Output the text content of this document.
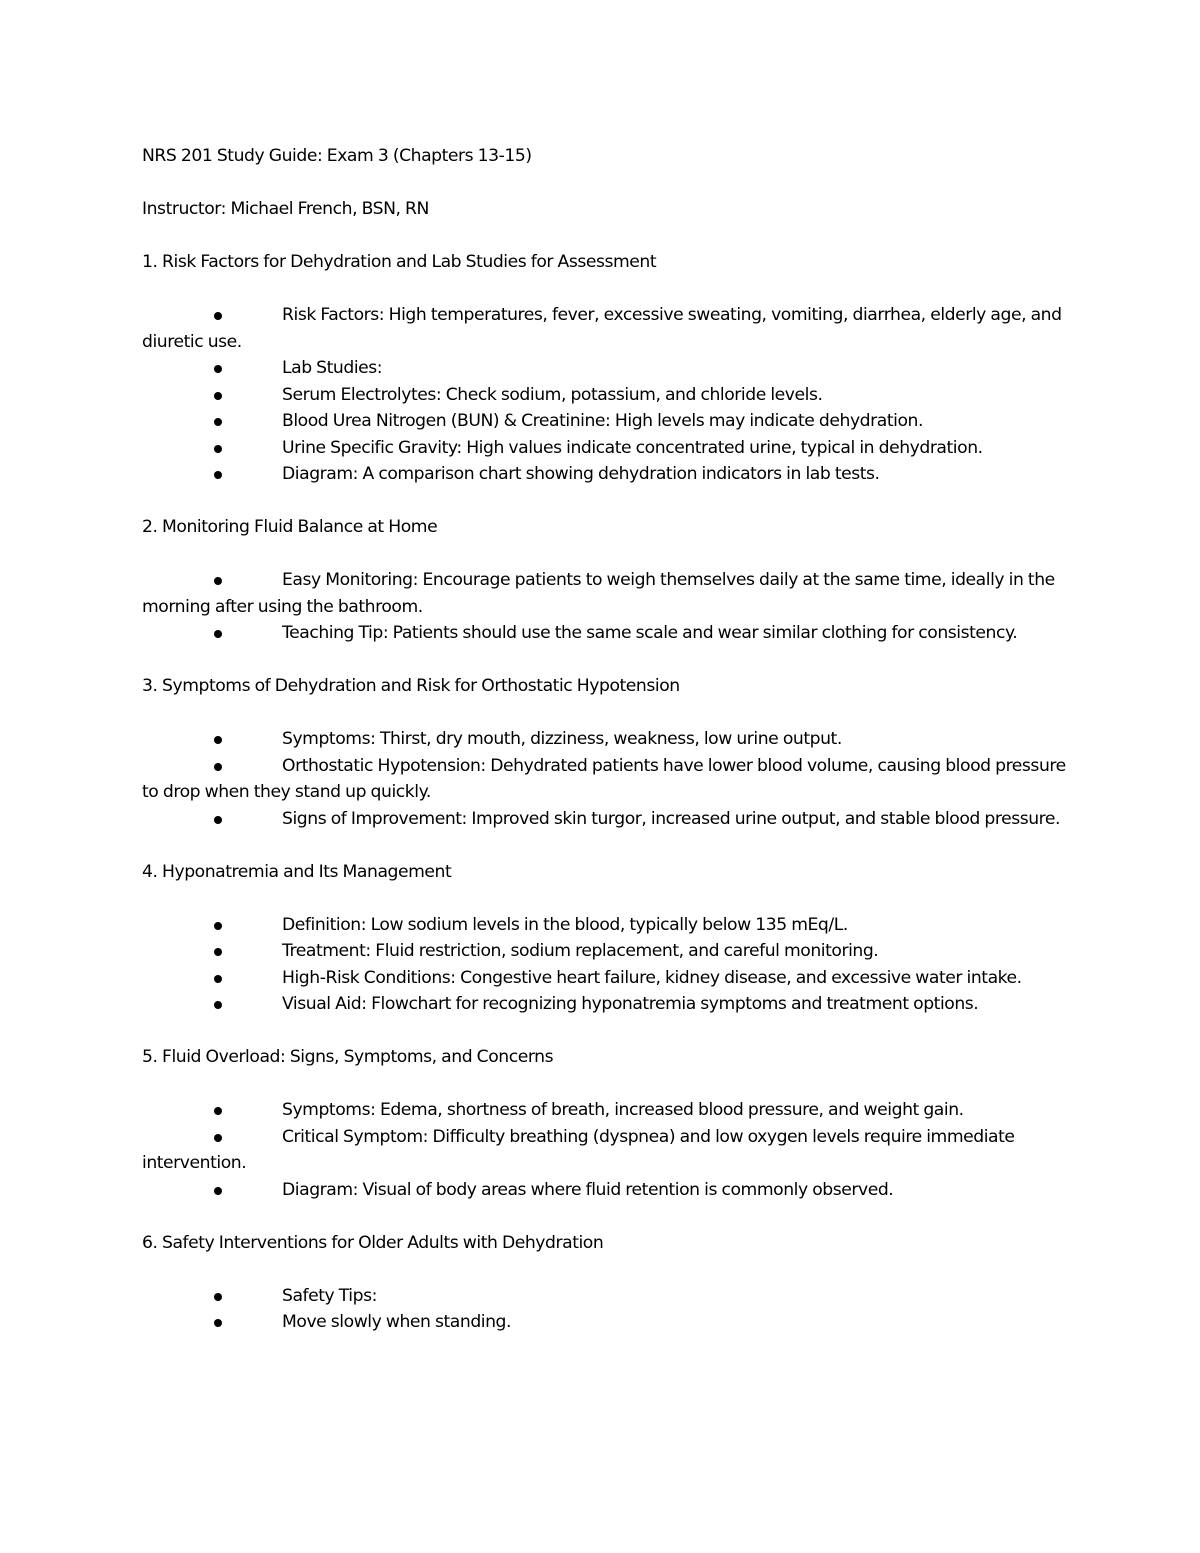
NRS 201 Study Guide: Exam 3 (Chapters 13-15)

Instructor: Michael French, BSN, RN

1. Risk Factors for Dehydration and Lab Studies for Assessment

Risk Factors: High temperatures, fever, excessive sweating, vomiting, diarrhea, elderly age, and diuretic use.

Lab Studies:

Serum Electrolytes: Check sodium, potassium, and chloride levels.

Blood Urea Nitrogen (BUN) & Creatinine: High levels may indicate dehydration.

Urine Specific Gravity: High values indicate concentrated urine, typical in dehydration.

Diagram: A comparison chart showing dehydration indicators in lab tests.

2. Monitoring Fluid Balance at Home

Easy Monitoring: Encourage patients to weigh themselves daily at the same time, ideally in the morning after using the bathroom.

Teaching Tip: Patients should use the same scale and wear similar clothing for consistency.

3. Symptoms of Dehydration and Risk for Orthostatic Hypotension

Symptoms: Thirst, dry mouth, dizziness, weakness, low urine output.

Orthostatic Hypotension: Dehydrated patients have lower blood volume, causing blood pressure to drop when they stand up quickly.

Signs of Improvement: Improved skin turgor, increased urine output, and stable blood pressure.

4. Hyponatremia and Its Management

Definition: Low sodium levels in the blood, typically below 135 mEq/L.

Treatment: Fluid restriction, sodium replacement, and careful monitoring.

High-Risk Conditions: Congestive heart failure, kidney disease, and excessive water intake.

Visual Aid: Flowchart for recognizing hyponatremia symptoms and treatment options.

5. Fluid Overload: Signs, Symptoms, and Concerns

Symptoms: Edema, shortness of breath, increased blood pressure, and weight gain.

Critical Symptom: Difficulty breathing (dyspnea) and low oxygen levels require immediate intervention.

Diagram: Visual of body areas where fluid retention is commonly observed.

6. Safety Interventions for Older Adults with Dehydration

Safety Tips:

Move slowly when standing.
